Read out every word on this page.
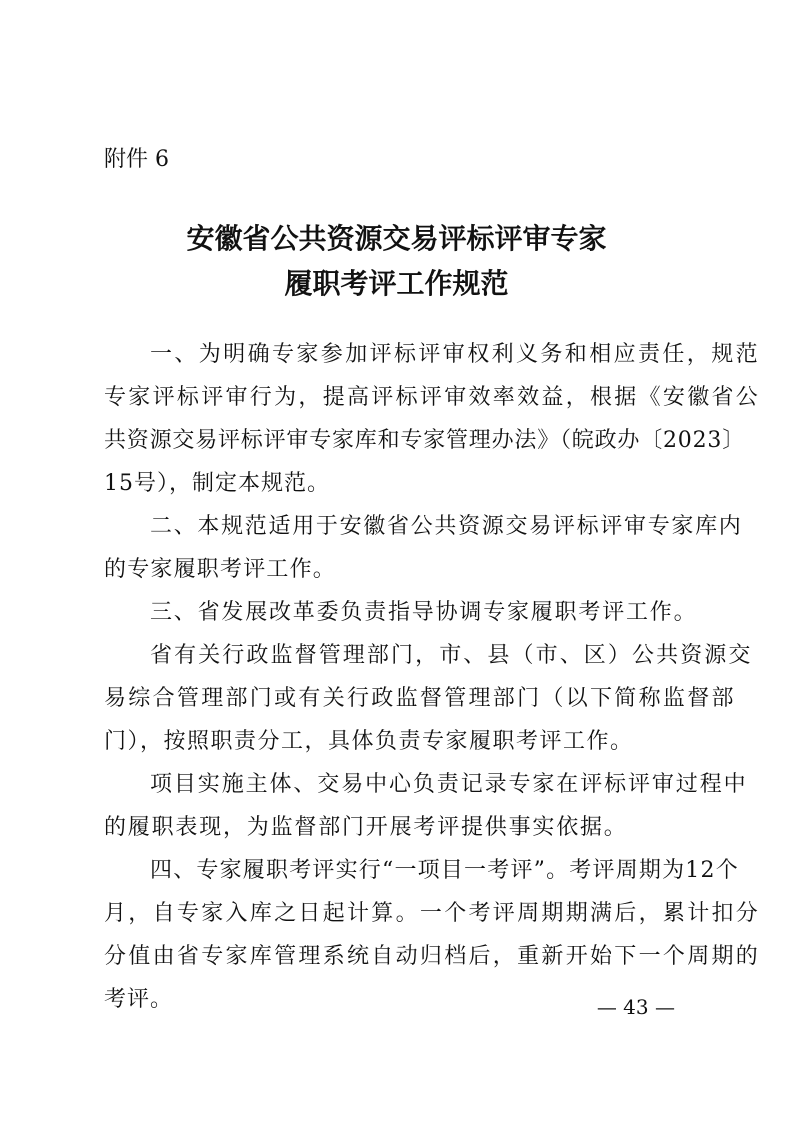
附件 6
安徽省公共资源交易评标评审专家
履职考评工作规范
一、为明确专家参加评标评审权利义务和相应责任，规范
专家评标评审行为，提高评标评审效率效益，根据《安徽省公
共资源交易评标评审专家库和专家管理办法》（皖政办〔2023〕
15号），制定本规范。
二、本规范适用于安徽省公共资源交易评标评审专家库内
的专家履职考评工作。
三、省发展改革委负责指导协调专家履职考评工作。
省有关行政监督管理部门，市、县（市、区）公共资源交
易综合管理部门或有关行政监督管理部门（以下简称监督部
门），按照职责分工，具体负责专家履职考评工作。
项目实施主体、交易中心负责记录专家在评标评审过程中
的履职表现，为监督部门开展考评提供事实依据。
四、专家履职考评实行“一项目一考评”。考评周期为12个
月，自专家入库之日起计算。一个考评周期期满后，累计扣分
分值由省专家库管理系统自动归档后，重新开始下一个周期的
考评。	— 43 —
